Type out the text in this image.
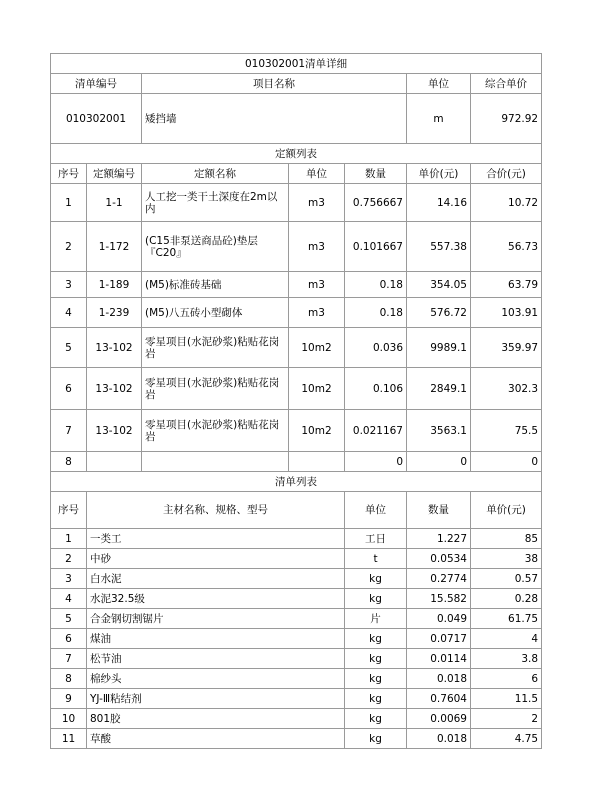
010302001清单详细							
清单编号		项目名称			单位	综合单价	
010302001		矮挡墙			m	972.92	
定额列表							
序号	定额编号	定额名称	单位	数量	单价(元)	合价(元)	
1	1-1	人工挖一类干土深度在2m以内	m3	0.756667	14.16	10.72	
2	1-172	(C15非泵送商品砼)垫层『C20』	m3	0.101667	557.38	56.73	
3	1-189	(M5)标准砖基础	m3	0.18	354.05	63.79	
4	1-239	(M5)八五砖小型砌体	m3	0.18	576.72	103.91	
5	13-102	零星项目(水泥砂浆)粘贴花岗岩	10m2	0.036	9989.1	359.97	
6	13-102	零星项目(水泥砂浆)粘贴花岗岩	10m2	0.106	2849.1	302.3	
7	13-102	零星项目(水泥砂浆)粘贴花岗岩	10m2	0.021167	3563.1	75.5	
8				0	0	0	
清单列表							
序号	主材名称、规格、型号			单位	数量	单价(元)	
1	一类工			工日	1.227	85	
2	中砂			t	0.0534	38	
3	白水泥			kg	0.2774	0.57	
4	水泥32.5级			kg	15.582	0.28	
5	合金钢切割锯片			片	0.049	61.75	
6	煤油			kg	0.0717	4	
7	松节油			kg	0.0114	3.8	
8	棉纱头			kg	0.018	6	
9	YJ-Ⅲ粘结剂			kg	0.7604	11.5	
10	801胶			kg	0.0069	2	
11	草酸			kg	0.018	4.75	
